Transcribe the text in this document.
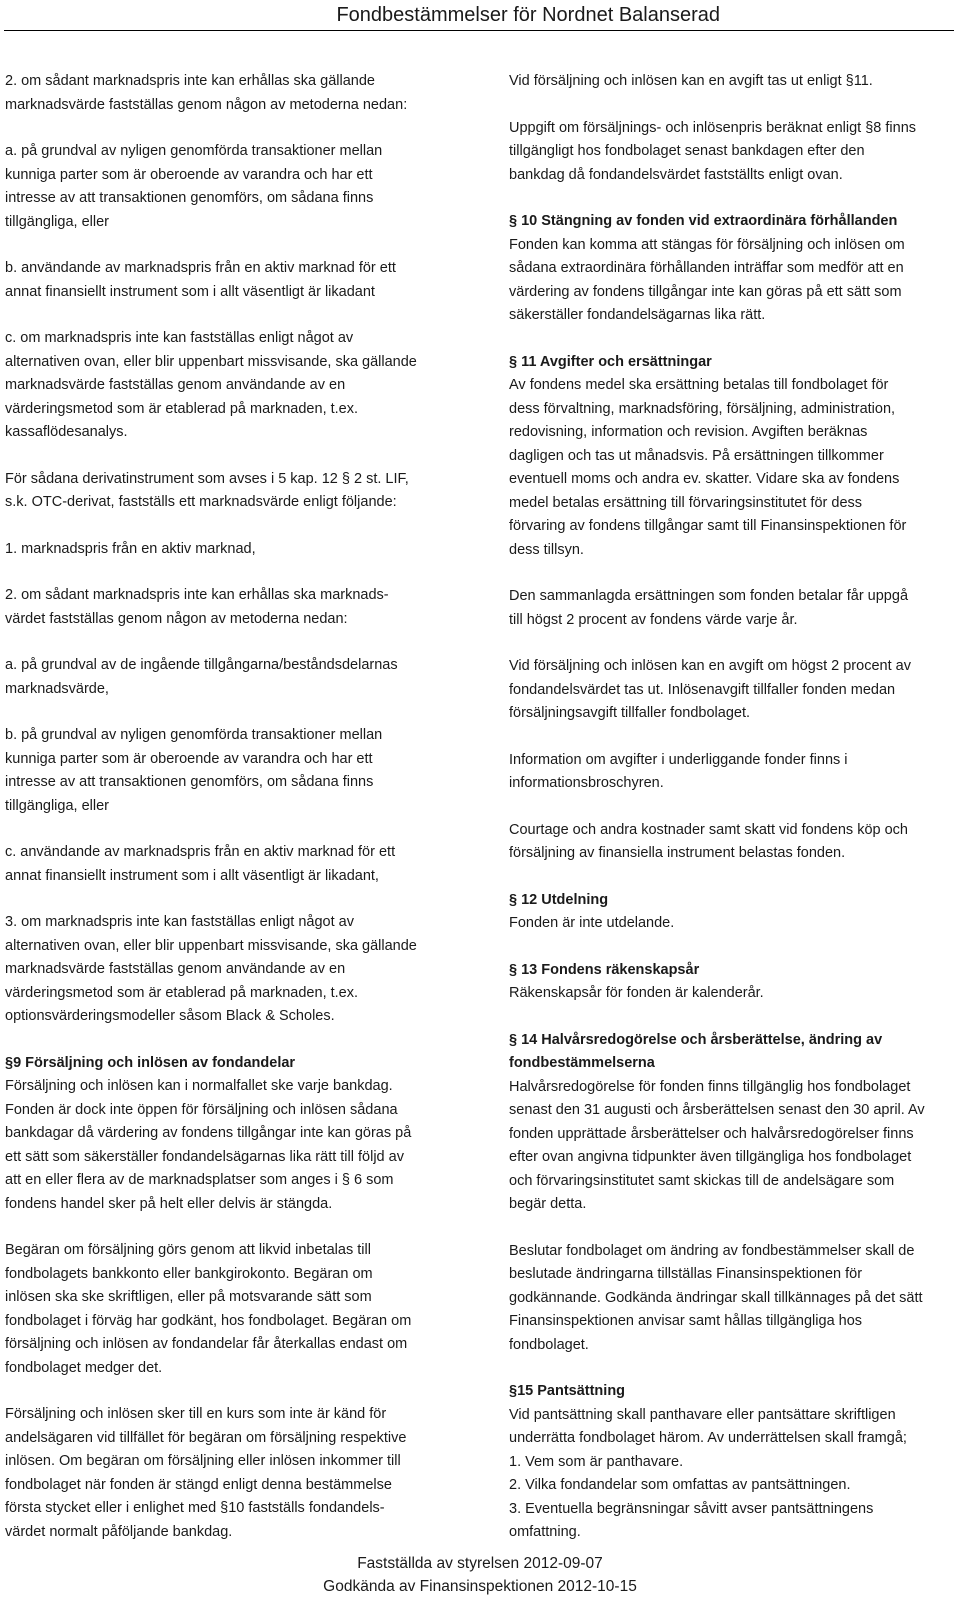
Fondbestämmelser för Nordnet Balanserad
2. om sådant marknadspris inte kan erhållas ska gällande
marknadsvärde fastställas genom någon av metoderna nedan:
a. på grundval av nyligen genomförda transaktioner mellan
kunniga parter som är oberoende av varandra och har ett
intresse av att transaktionen genomförs, om sådana finns
tillgängliga, eller
b. användande av marknadspris från en aktiv marknad för ett
annat finansiellt instrument som i allt väsentligt är likadant
c. om marknadspris inte kan fastställas enligt något av
alternativen ovan, eller blir uppenbart missvisande, ska gällande
marknadsvärde fastställas genom användande av en
värderingsmetod som är etablerad på marknaden, t.ex.
kassaflödesanalys.
För sådana derivatinstrument som avses i 5 kap. 12 § 2 st. LIF,
s.k. OTC-derivat, fastställs ett marknadsvärde enligt följande:
1. marknadspris från en aktiv marknad,
2. om sådant marknadspris inte kan erhållas ska marknads-
värdet fastställas genom någon av metoderna nedan:
a. på grundval av de ingående tillgångarna/beståndsdelarnas
marknadsvärde,
b. på grundval av nyligen genomförda transaktioner mellan
kunniga parter som är oberoende av varandra och har ett
intresse av att transaktionen genomförs, om sådana finns
tillgängliga, eller
c. användande av marknadspris från en aktiv marknad för ett
annat finansiellt instrument som i allt väsentligt är likadant,
3. om marknadspris inte kan fastställas enligt något av
alternativen ovan, eller blir uppenbart missvisande, ska gällande
marknadsvärde fastställas genom användande av en
värderingsmetod som är etablerad på marknaden, t.ex.
optionsvärderingsmodeller såsom Black & Scholes.
§9 Försäljning och inlösen av fondandelar
Försäljning och inlösen kan i normalfallet ske varje bankdag.
Fonden är dock inte öppen för försäljning och inlösen sådana
bankdagar då värdering av fondens tillgångar inte kan göras på
ett sätt som säkerställer fondandelsägarnas lika rätt till följd av
att en eller flera av de marknadsplatser som anges i § 6 som
fondens handel sker på helt eller delvis är stängda.
Begäran om försäljning görs genom att likvid inbetalas till
fondbolagets bankkonto eller bankgirokonto. Begäran om
inlösen ska ske skriftligen, eller på motsvarande sätt som
fondbolaget i förväg har godkänt, hos fondbolaget. Begäran om
försäljning och inlösen av fondandelar får återkallas endast om
fondbolaget medger det.
Försäljning och inlösen sker till en kurs som inte är känd för
andelsägaren vid tillfället för begäran om försäljning respektive
inlösen. Om begäran om försäljning eller inlösen inkommer till
fondbolaget när fonden är stängd enligt denna bestämmelse
första stycket eller i enlighet med §10 fastställs fondandels-
värdet normalt påföljande bankdag.
Vid försäljning och inlösen kan en avgift tas ut enligt §11.
Uppgift om försäljnings- och inlösenpris beräknat enligt §8 finns
tillgängligt hos fondbolaget senast bankdagen efter den
bankdag då fondandelsvärdet fastställts enligt ovan.
§ 10 Stängning av fonden vid extraordinära förhållanden
Fonden kan komma att stängas för försäljning och inlösen om
sådana extraordinära förhållanden inträffar som medför att en
värdering av fondens tillgångar inte kan göras på ett sätt som
säkerställer fondandelsägarnas lika rätt.
§ 11 Avgifter och ersättningar
Av fondens medel ska ersättning betalas till fondbolaget för
dess förvaltning, marknadsföring, försäljning, administration,
redovisning, information och revision. Avgiften beräknas
dagligen och tas ut månadsvis. På ersättningen tillkommer
eventuell moms och andra ev. skatter. Vidare ska av fondens
medel betalas ersättning till förvaringsinstitutet för dess
förvaring av fondens tillgångar samt till Finansinspektionen för
dess tillsyn.
Den sammanlagda ersättningen som fonden betalar får uppgå
till högst 2 procent av fondens värde varje år.
Vid försäljning och inlösen kan en avgift om högst 2 procent av
fondandelsvärdet tas ut. Inlösenavgift tillfaller fonden medan
försäljningsavgift tillfaller fondbolaget.
Information om avgifter i underliggande fonder finns i
informationsbroschyren.
Courtage och andra kostnader samt skatt vid fondens köp och
försäljning av finansiella instrument belastas fonden.
§ 12 Utdelning
Fonden är inte utdelande.
§ 13 Fondens räkenskapsår
Räkenskapsår för fonden är kalenderår.
§ 14 Halvårsredogörelse och årsberättelse, ändring av
fondbestämmelserna
Halvårsredogörelse för fonden finns tillgänglig hos fondbolaget
senast den 31 augusti och årsberättelsen senast den 30 april. Av
fonden upprättade årsberättelser och halvårsredogörelser finns
efter ovan angivna tidpunkter även tillgängliga hos fondbolaget
och förvaringsinstitutet samt skickas till de andelsägare som
begär detta.
Beslutar fondbolaget om ändring av fondbestämmelser skall de
beslutade ändringarna tillställas Finansinspektionen för
godkännande. Godkända ändringar skall tillkännages på det sätt
Finansinspektionen anvisar samt hållas tillgängliga hos
fondbolaget.
§15 Pantsättning
Vid pantsättning skall panthavare eller pantsättare skriftligen
underrätta fondbolaget härom. Av underrättelsen skall framgå;
1. Vem som är panthavare.
2. Vilka fondandelar som omfattas av pantsättningen.
3. Eventuella begränsningar såvitt avser pantsättningens
omfattning.
Fastställda av styrelsen 2012-09-07
Godkända av Finansinspektionen 2012-10-15
